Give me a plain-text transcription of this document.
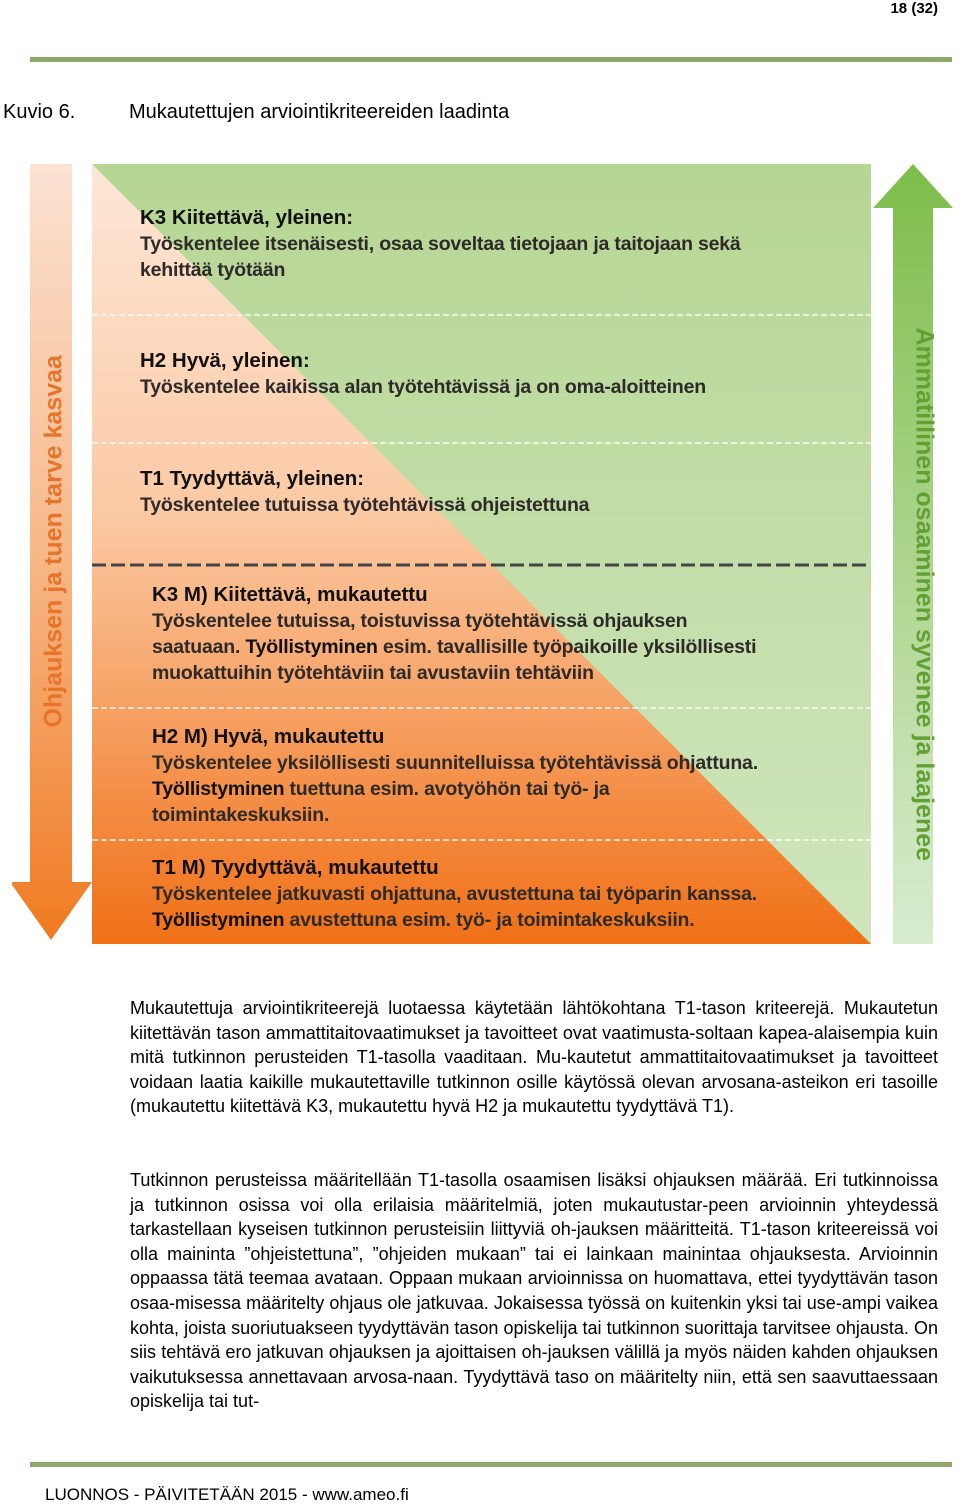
18 (32)
Kuvio 6.	Mukautettujen arviointikriteereiden laadinta
Ohjauksen ja tuen tarve kasvaa	Ammatillinen osaaminen syvenee ja laajenee
K3 Kiitettävä, yleinen:
Työskentelee itsenäisesti, osaa soveltaa tietojaan ja taitojaan sekä
kehittää työtään
H2 Hyvä, yleinen:
Työskentelee kaikissa alan työtehtävissä ja on oma-aloitteinen
T1 Tyydyttävä, yleinen:
Työskentelee tutuissa työtehtävissä ohjeistettuna
K3 M) Kiitettävä, mukautettu
Työskentelee tutuissa, toistuvissa työtehtävissä ohjauksen
saatuaan. Työllistyminen esim. tavallisille työpaikoille yksilöllisesti
muokattuihin työtehtäviin tai avustaviin tehtäviin
H2 M) Hyvä, mukautettu
Työskentelee yksilöllisesti suunnitelluissa työtehtävissä ohjattuna.
Työllistyminen tuettuna esim. avotyöhön tai työ- ja
toimintakeskuksiin.
T1 M) Tyydyttävä, mukautettu
Työskentelee jatkuvasti ohjattuna, avustettuna tai työparin kanssa.
Työllistyminen avustettuna esim. työ- ja toimintakeskuksiin.
Mukautettuja arviointikriteerejä luotaessa käytetään lähtökohtana T1-tason kriteerejä. Mukautetun kiitettävän tason ammattitaitovaatimukset ja tavoitteet ovat vaatimusta-soltaan kapea-alaisempia kuin mitä tutkinnon perusteiden T1-tasolla vaaditaan. Mu-kautetut ammattitaitovaatimukset ja tavoitteet voidaan laatia kaikille mukautettaville tutkinnon osille käytössä olevan arvosana-asteikon eri tasoille (mukautettu kiitettävä K3, mukautettu hyvä H2 ja mukautettu tyydyttävä T1).
Tutkinnon perusteissa määritellään T1-tasolla osaamisen lisäksi ohjauksen määrää. Eri tutkinnoissa ja tutkinnon osissa voi olla erilaisia määritelmiä, joten mukautustar-peen arvioinnin yhteydessä tarkastellaan kyseisen tutkinnon perusteisiin liittyviä oh-jauksen määritteitä. T1-tason kriteereissä voi olla maininta ”ohjeistettuna”, ”ohjeiden mukaan” tai ei lainkaan mainintaa ohjauksesta. Arvioinnin oppaassa tätä teemaa avataan. Oppaan mukaan arvioinnissa on huomattava, ettei tyydyttävän tason osaa-misessa määritelty ohjaus ole jatkuvaa. Jokaisessa työssä on kuitenkin yksi tai use-ampi vaikea kohta, joista suoriutuakseen tyydyttävän tason opiskelija tai tutkinnon suorittaja tarvitsee ohjausta. On siis tehtävä ero jatkuvan ohjauksen ja ajoittaisen oh-jauksen välillä ja myös näiden kahden ohjauksen vaikutuksessa annettavaan arvosa-naan. Tyydyttävä taso on määritelty niin, että sen saavuttaessaan opiskelija tai tut-
LUONNOS - PÄIVITETÄÄN 2015 - www.ameo.fi
